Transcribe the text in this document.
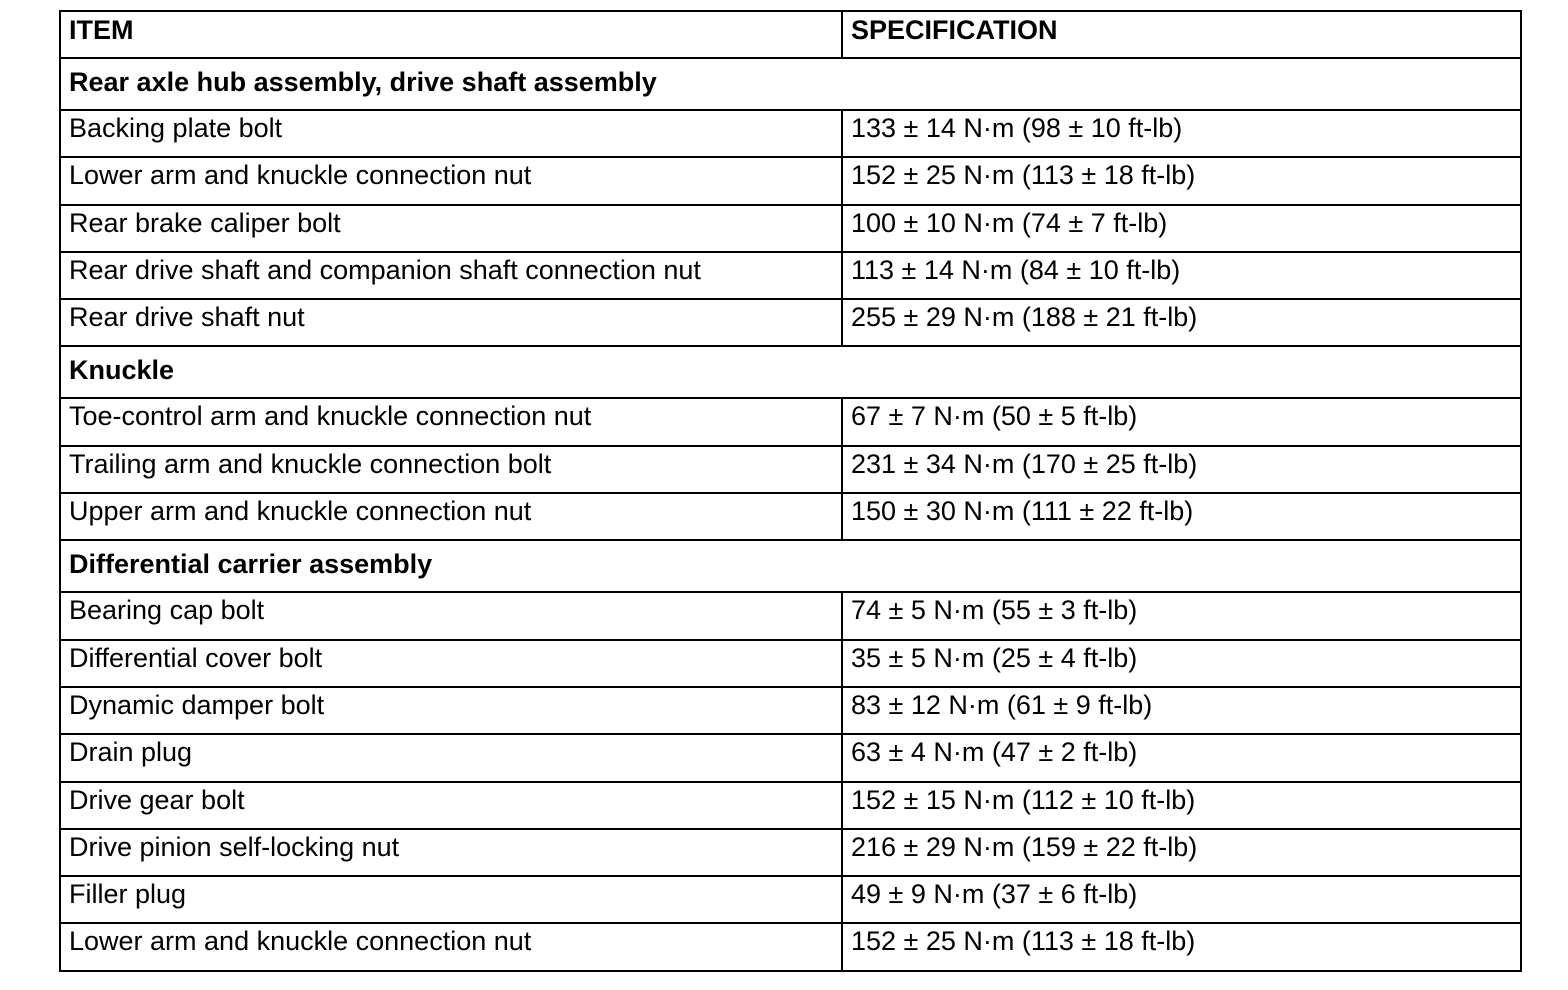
ITEM	SPECIFICATION
Rear axle hub assembly, drive shaft assembly	
Backing plate bolt	133 ± 14 N·m (98 ± 10 ft-lb)
Lower arm and knuckle connection nut	152 ± 25 N·m (113 ± 18 ft-lb)
Rear brake caliper bolt	100 ± 10 N·m (74 ± 7 ft-lb)
Rear drive shaft and companion shaft connection nut	113 ± 14 N·m (84 ± 10 ft-lb)
Rear drive shaft nut	255 ± 29 N·m (188 ± 21 ft-lb)
Knuckle	
Toe-control arm and knuckle connection nut	67 ± 7 N·m (50 ± 5 ft-lb)
Trailing arm and knuckle connection bolt	231 ± 34 N·m (170 ± 25 ft-lb)
Upper arm and knuckle connection nut	150 ± 30 N·m (111 ± 22 ft-lb)
Differential carrier assembly	
Bearing cap bolt	74 ± 5 N·m (55 ± 3 ft-lb)
Differential cover bolt	35 ± 5 N·m (25 ± 4 ft-lb)
Dynamic damper bolt	83 ± 12 N·m (61 ± 9 ft-lb)
Drain plug	63 ± 4 N·m (47 ± 2 ft-lb)
Drive gear bolt	152 ± 15 N·m (112 ± 10 ft-lb)
Drive pinion self-locking nut	216 ± 29 N·m (159 ± 22 ft-lb)
Filler plug	49 ± 9 N·m (37 ± 6 ft-lb)
Lower arm and knuckle connection nut	152 ± 25 N·m (113 ± 18 ft-lb)
